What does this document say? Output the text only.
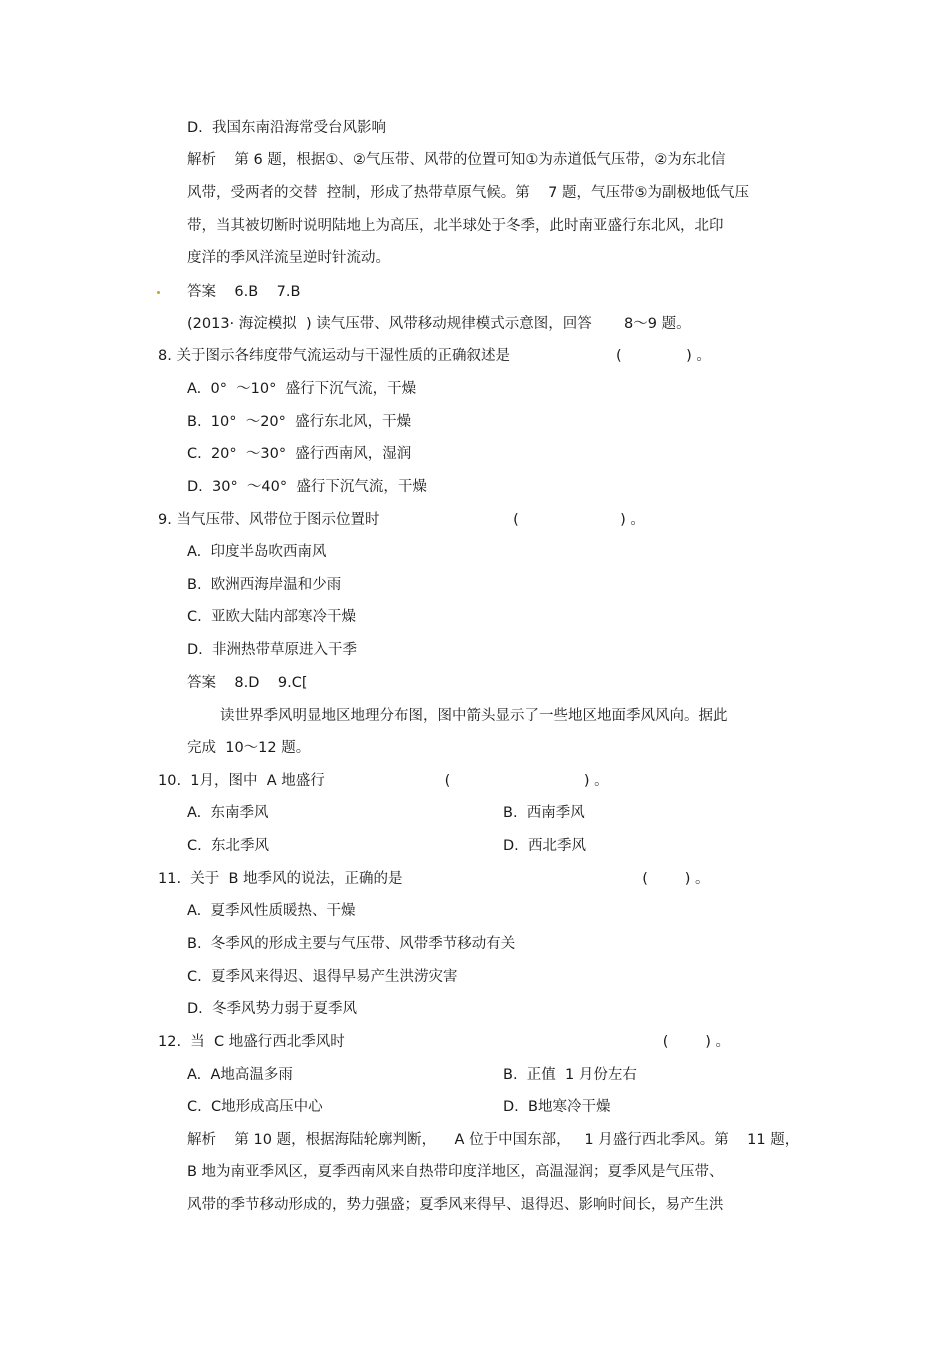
D.  我国东南沿海常受台风影响
解析    第 6 题，根据①、②气压带、风带的位置可知①为赤道低气压带，②为东北信
风带，受两者的交替  控制，形成了热带草原气候。第    7 题，气压带⑤为副极地低气压
带，当其被切断时说明陆地上为高压，北半球处于冬季，此时南亚盛行东北风，北印
度洋的季风洋流呈逆时针流动。
答案    6.B    7.B
(2013· 海淀模拟  ) 读气压带、风带移动规律模式示意图，回答       8～9 题。
8. 关于图示各纬度带气流运动与干湿性质的正确叙述是                       (              ) 。
A.  0°  ～10°  盛行下沉气流，干燥
B.  10°  ～20°  盛行东北风，干燥
C.  20°  ～30°  盛行西南风，湿润
D.  30°  ～40°  盛行下沉气流，干燥
9. 当气压带、风带位于图示位置时                             (                      ) 。
A.  印度半岛吹西南风
B.  欧洲西海岸温和少雨
C.  亚欧大陆内部寒冷干燥
D.  非洲热带草原进入干季
答案    8.D    9.C[
读世界季风明显地区地理分布图，图中箭头显示了一些地区地面季风风向。据此
完成  10～12 题。
10.  1月，图中  A 地盛行                          (                             ) 。
A.  东南季风	B.  西南季风
C.  东北季风	D.  西北季风
11.  关于  B 地季风的说法，正确的是                                                    (        ) 。
A.  夏季风性质暖热、干燥
B.  冬季风的形成主要与气压带、风带季节移动有关
C.  夏季风来得迟、退得早易产生洪涝灾害
D.  冬季风势力弱于夏季风
12.  当  C 地盛行西北季风时                                                                     (        ) 。
A.  A地高温多雨	B.  正值  1 月份左右
C.  C地形成高压中心	D.  B地寒冷干燥
解析    第 10 题，根据海陆轮廓判断，    A 位于中国东部，   1 月盛行西北季风。第    11 题，
B 地为南亚季风区，夏季西南风来自热带印度洋地区，高温湿润；夏季风是气压带、
风带的季节移动形成的，势力强盛；夏季风来得早、退得迟、影响时间长，易产生洪
